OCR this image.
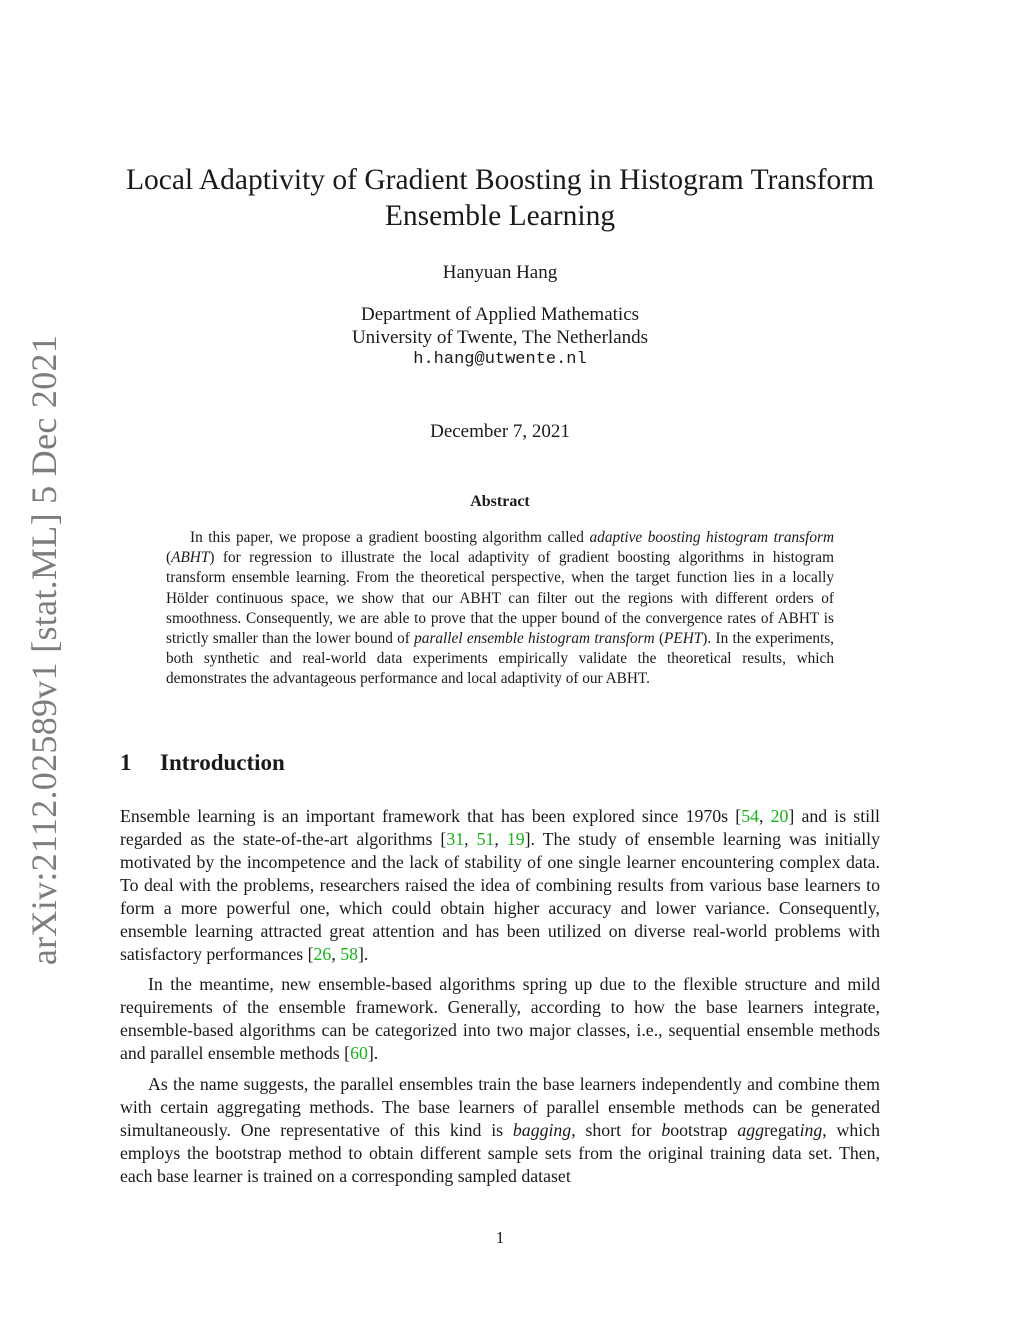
arXiv:2112.02589v1 [stat.ML] 5 Dec 2021
Local Adaptivity of Gradient Boosting in Histogram Transform
Ensemble Learning
Hanyuan Hang
Department of Applied Mathematics
University of Twente, The Netherlands
h.hang@utwente.nl
December 7, 2021
Abstract
In this paper, we propose a gradient boosting algorithm called adaptive boosting histogram transform (ABHT) for regression to illustrate the local adaptivity of gradient boosting algorithms in histogram transform ensemble learning. From the theoretical perspective, when the target function lies in a locally Hölder continuous space, we show that our ABHT can filter out the regions with different orders of smoothness. Consequently, we are able to prove that the upper bound of the convergence rates of ABHT is strictly smaller than the lower bound of parallel ensemble histogram transform (PEHT). In the experiments, both synthetic and real-world data experiments empirically validate the theoretical results, which demonstrates the advantageous performance and local adaptivity of our ABHT.
1 Introduction
Ensemble learning is an important framework that has been explored since 1970s [54, 20] and is still regarded as the state-of-the-art algorithms [31, 51, 19]. The study of ensemble learning was initially motivated by the incompetence and the lack of stability of one single learner encountering complex data. To deal with the problems, researchers raised the idea of combining results from various base learners to form a more powerful one, which could obtain higher accuracy and lower variance. Consequently, ensemble learning attracted great attention and has been utilized on diverse real-world problems with satisfactory performances [26, 58].
In the meantime, new ensemble-based algorithms spring up due to the flexible structure and mild requirements of the ensemble framework. Generally, according to how the base learners integrate, ensemble-based algorithms can be categorized into two major classes, i.e., sequential ensemble methods and parallel ensemble methods [60].
As the name suggests, the parallel ensembles train the base learners independently and combine them with certain aggregating methods. The base learners of parallel ensemble methods can be generated simultaneously. One representative of this kind is bagging, short for bootstrap aggregating, which employs the bootstrap method to obtain different sample sets from the original training data set. Then, each base learner is trained on a corresponding sampled dataset
1
